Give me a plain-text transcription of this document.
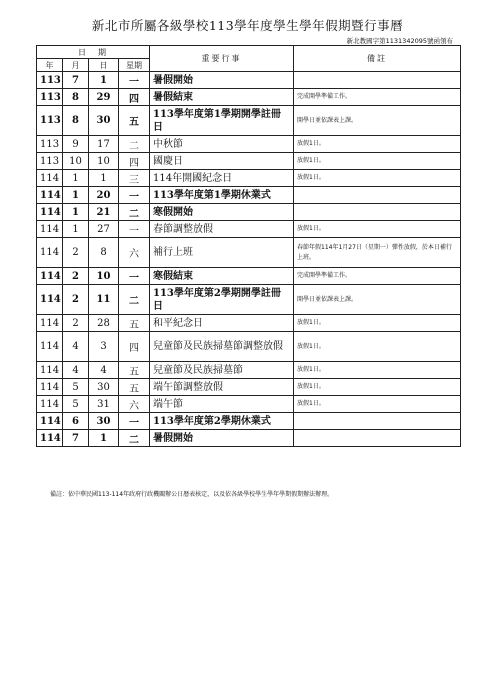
新北市所屬各級學校113學年度學生學年假期暨行事曆
新北教國字第1131342095號函領布
日　期				重要行事	備註
年	月	日	星期		
113	7	1	一	暑假開始	
113	8	29	四	暑假結束	完成開學準備工作。
113	8	30	五	113學年度第1學期開學註冊日	開學日並依課表上課。
113	9	17	二	中秋節	放假1日。
113	10	10	四	國慶日	放假1日。
114	1	1	三	114年開國紀念日	放假1日。
114	1	20	一	113學年度第1學期休業式	
114	1	21	二	寒假開始	
114	1	27	一	春節調整放假	放假1日。
114	2	8	六	補行上班	春節年假114年1月27日（星期一）彈性放假，於本日補行上班。
114	2	10	一	寒假結束	完成開學準備工作。
114	2	11	二	113學年度第2學期開學註冊日	開學日並依課表上課。
114	2	28	五	和平紀念日	放假1日。
114	4	3	四	兒童節及民族掃墓節調整放假	放假1日。
114	4	4	五	兒童節及民族掃墓節	放假1日。
114	5	30	五	端午節調整放假	放假1日。
114	5	31	六	端午節	放假1日。
114	6	30	一	113學年度第2學期休業式	
114	7	1	二	暑假開始	
備註：依中華民國113-114年政府行政機關辦公日曆表核定，以及依各級學校學生學年學期假期辦法辦理。
